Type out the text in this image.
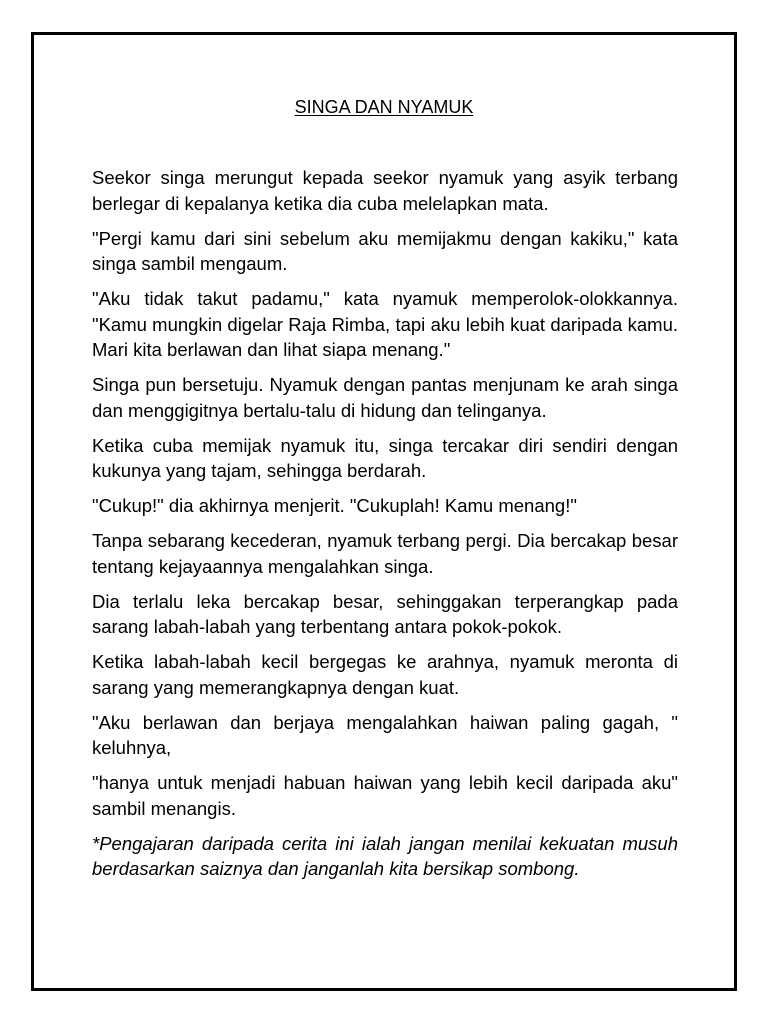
SINGA DAN NYAMUK

Seekor singa merungut kepada seekor nyamuk yang asyik terbang berlegar di kepalanya ketika dia cuba melelapkan mata.

"Pergi kamu dari sini sebelum aku memijakmu dengan kakiku," kata singa sambil mengaum.

"Aku tidak takut padamu," kata nyamuk memperolok-olokkannya. "Kamu mungkin digelar Raja Rimba, tapi aku lebih kuat daripada kamu. Mari kita berlawan dan lihat siapa menang."

Singa pun bersetuju. Nyamuk dengan pantas menjunam ke arah singa dan menggigitnya bertalu-talu di hidung dan telinganya.

Ketika cuba memijak nyamuk itu, singa tercakar diri sendiri dengan kukunya yang tajam, sehingga berdarah.

"Cukup!" dia akhirnya menjerit. "Cukuplah! Kamu menang!"

Tanpa sebarang kecederan, nyamuk terbang pergi. Dia bercakap besar tentang kejayaannya mengalahkan singa.

Dia terlalu leka bercakap besar, sehinggakan terperangkap pada sarang labah-labah yang terbentang antara pokok-pokok.

Ketika labah-labah kecil bergegas ke arahnya, nyamuk meronta di sarang yang memerangkapnya dengan kuat.

"Aku berlawan dan berjaya mengalahkan haiwan paling gagah, " keluhnya,

"hanya untuk menjadi habuan haiwan yang lebih kecil daripada aku" sambil menangis.

*Pengajaran daripada cerita ini ialah jangan menilai kekuatan musuh berdasarkan saiznya dan janganlah kita bersikap sombong.
